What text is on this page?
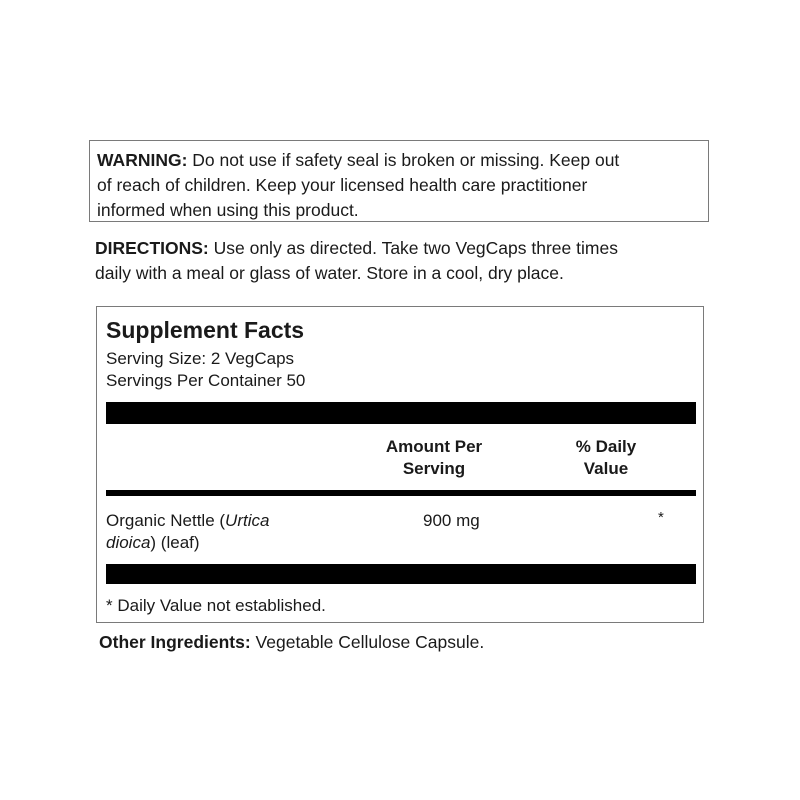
WARNING: Do not use if safety seal is broken or missing. Keep out
of reach of children. Keep your licensed health care practitioner
informed when using this product.
DIRECTIONS: Use only as directed. Take two VegCaps three times
daily with a meal or glass of water. Store in a cool, dry place.
Supplement Facts
Serving Size: 2 VegCaps
Servings Per Container 50
Amount Per
Serving
% Daily
Value
Organic Nettle (Urtica
dioica) (leaf)
900 mg	*
* Daily Value not established.
Other Ingredients: Vegetable Cellulose Capsule.
